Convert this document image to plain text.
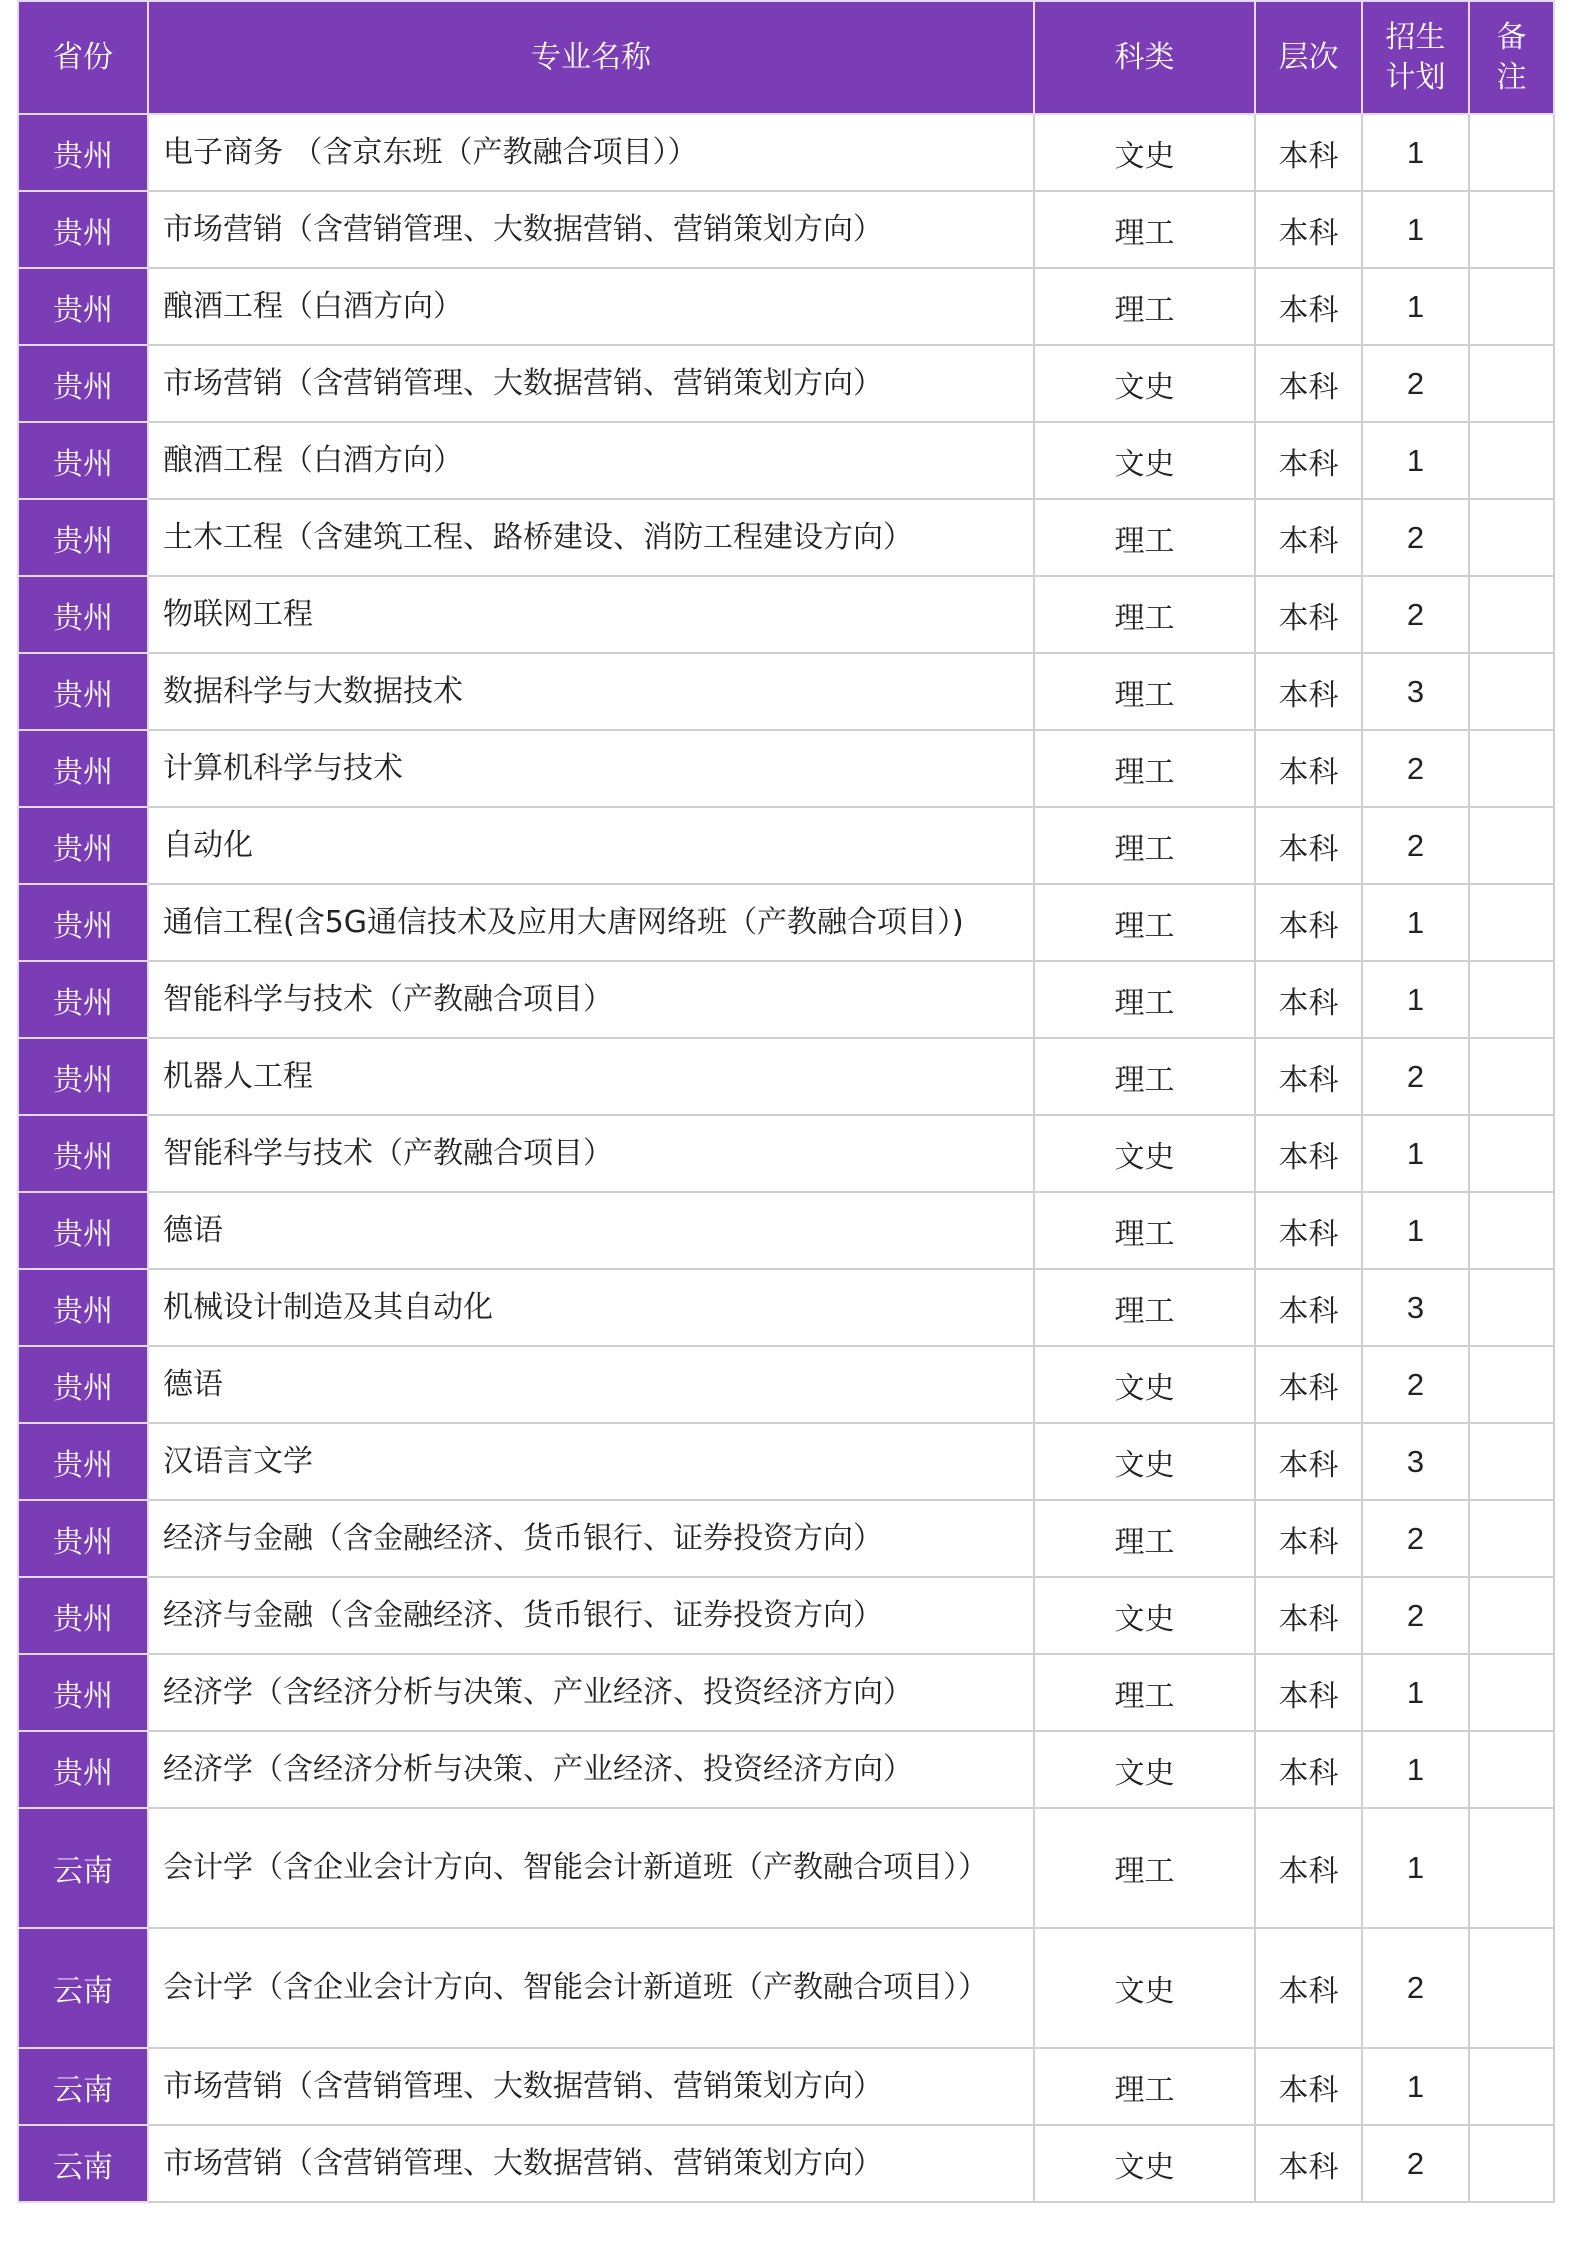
省份	专业名称	科类	层次	招生计划	备注

贵州	电子商务 （含京东班（产教融合项目））	文史	本科	1	
贵州	市场营销（含营销管理、大数据营销、营销策划方向）	理工	本科	1	
贵州	酿酒工程（白酒方向）	理工	本科	1	
贵州	市场营销（含营销管理、大数据营销、营销策划方向）	文史	本科	2	
贵州	酿酒工程（白酒方向）	文史	本科	1	
贵州	土木工程（含建筑工程、路桥建设、消防工程建设方向）	理工	本科	2	
贵州	物联网工程	理工	本科	2	
贵州	数据科学与大数据技术	理工	本科	3	
贵州	计算机科学与技术	理工	本科	2	
贵州	自动化	理工	本科	2	
贵州	通信工程(含5G通信技术及应用大唐网络班（产教融合项目）)	理工	本科	1	
贵州	智能科学与技术（产教融合项目）	理工	本科	1	
贵州	机器人工程	理工	本科	2	
贵州	智能科学与技术（产教融合项目）	文史	本科	1	
贵州	德语	理工	本科	1	
贵州	机械设计制造及其自动化	理工	本科	3	
贵州	德语	文史	本科	2	
贵州	汉语言文学	文史	本科	3	
贵州	经济与金融（含金融经济、货币银行、证券投资方向）	理工	本科	2	
贵州	经济与金融（含金融经济、货币银行、证券投资方向）	文史	本科	2	
贵州	经济学（含经济分析与决策、产业经济、投资经济方向）	理工	本科	1	
贵州	经济学（含经济分析与决策、产业经济、投资经济方向）	文史	本科	1	
云南	会计学（含企业会计方向、智能会计新道班（产教融合项目））	理工	本科	1	
云南	会计学（含企业会计方向、智能会计新道班（产教融合项目））	文史	本科	2	
云南	市场营销（含营销管理、大数据营销、营销策划方向）	理工	本科	1	
云南	市场营销（含营销管理、大数据营销、营销策划方向）	文史	本科	2	
